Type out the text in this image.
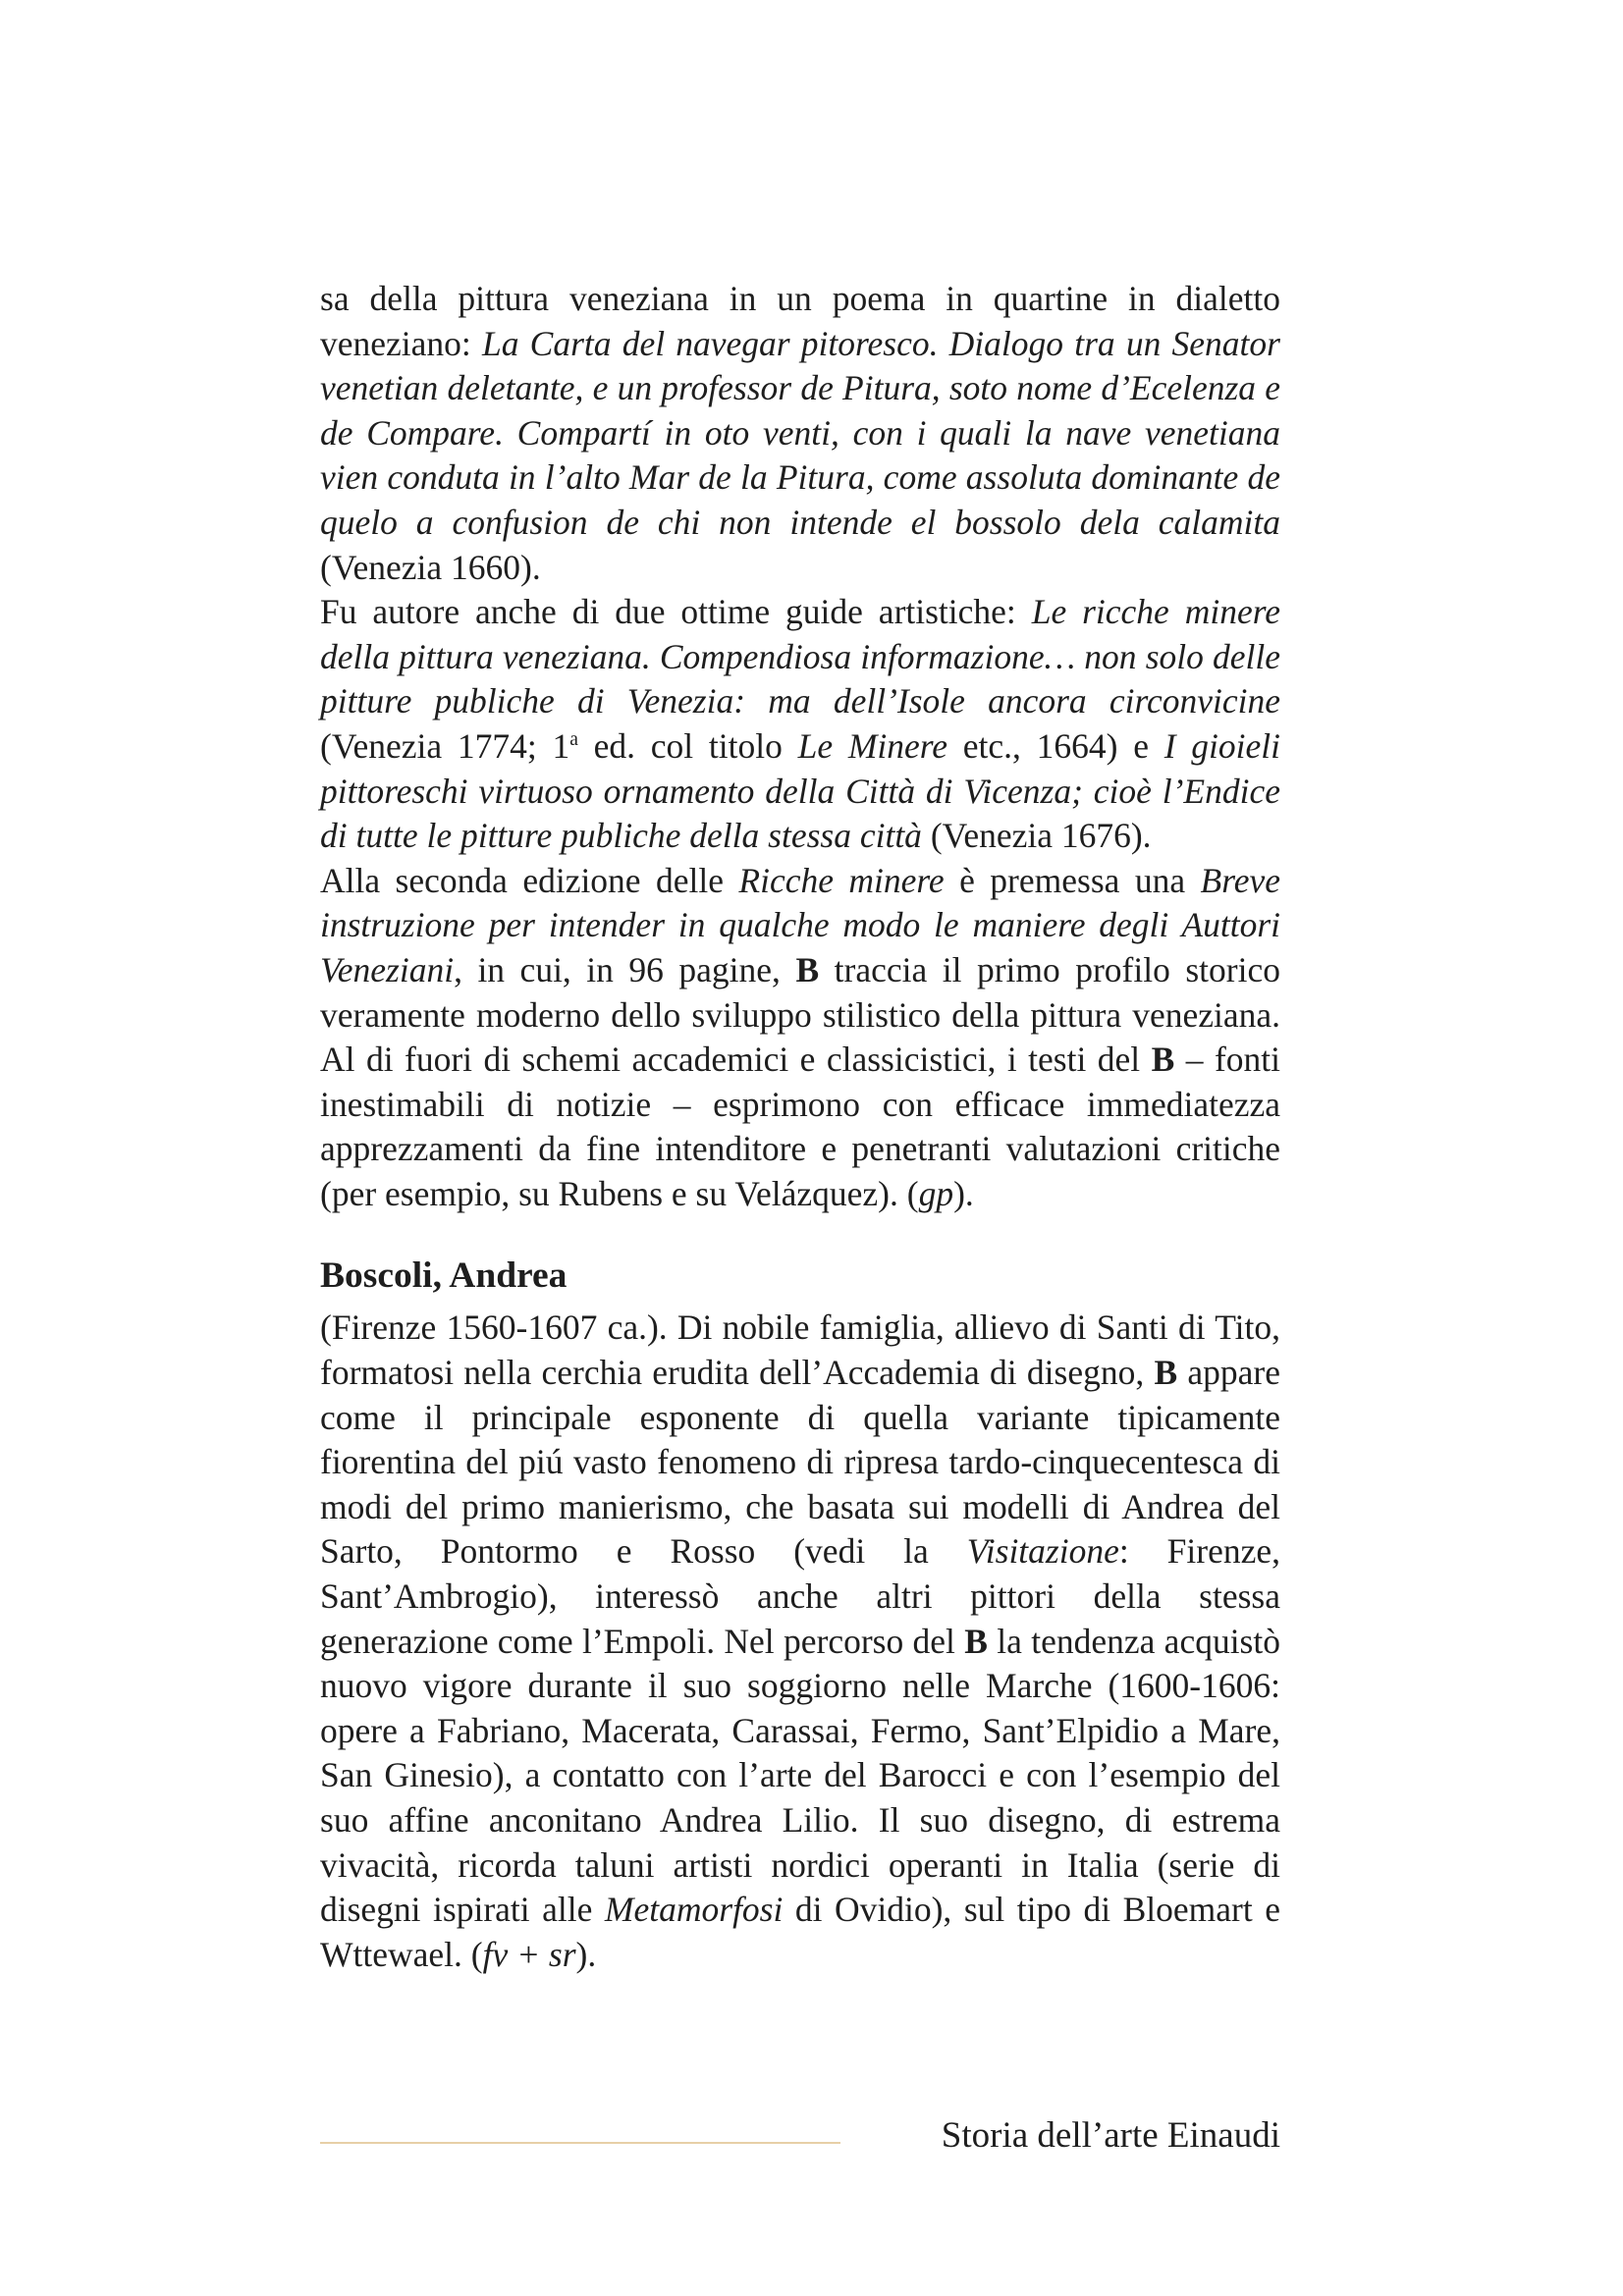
sa della pittura veneziana in un poema in quartine in dialetto veneziano: La Carta del navegar pitoresco. Dialogo tra un Senator venetian deletante, e un professor de Pitura, soto nome d’Ecelenza e de Compare. Compartí in oto venti, con i quali la nave venetiana vien conduta in l’alto Mar de la Pitura, come assoluta dominante de quelo a confusion de chi non intende el bossolo dela calamita (Venezia 1660).

Fu autore anche di due ottime guide artistiche: Le ricche minere della pittura veneziana. Compendiosa informazione… non solo delle pitture publiche di Venezia: ma dell’Isole ancora circonvicine (Venezia 1774; 1$^a$ ed. col titolo Le Minere etc., 1664) e I gioieli pittoreschi virtuoso ornamento della Città di Vicenza; cioè l’Endice di tutte le pitture publiche della stessa città (Venezia 1676).

Alla seconda edizione delle Ricche minere è premessa una Breve instruzione per intender in qualche modo le maniere degli Auttori Veneziani, in cui, in 96 pagine, B traccia il primo profilo storico veramente moderno dello sviluppo stilistico della pittura veneziana. Al di fuori di schemi accademici e classicistici, i testi del B – fonti inestimabili di notizie – esprimono con efficace immediatezza apprezzamenti da fine intenditore e penetranti valutazioni critiche (per esempio, su Rubens e su Velázquez). (gp).

Boscoli, Andrea

(Firenze 1560-1607 ca.). Di nobile famiglia, allievo di Santi di Tito, formatosi nella cerchia erudita dell’Accademia di disegno, B appare come il principale esponente di quella variante tipicamente fiorentina del piú vasto fenomeno di ripresa tardo-cinquecentesca di modi del primo manierismo, che basata sui modelli di Andrea del Sarto, Pontormo e Rosso (vedi la Visitazione: Firenze, Sant’Ambrogio), interessò anche altri pittori della stessa generazione come l’Empoli. Nel percorso del B la tendenza acquistò nuovo vigore durante il suo soggiorno nelle Marche (1600-1606: opere a Fabriano, Macerata, Carassai, Fermo, Sant’Elpidio a Mare, San Ginesio), a contatto con l’arte del Barocci e con l’esempio del suo affine anconitano Andrea Lilio. Il suo disegno, di estrema vivacità, ricorda taluni artisti nordici operanti in Italia (serie di disegni ispirati alle Metamorfosi di Ovidio), sul tipo di Bloemart e Wttewael. (fv + sr).

Storia dell’arte Einaudi
